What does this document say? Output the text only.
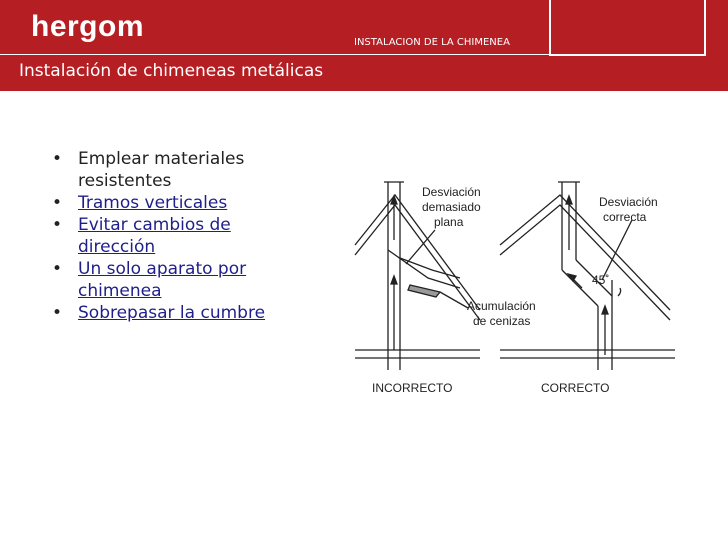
hergom	INSTALACION DE LA CHIMENEA
Instalación de chimeneas metálicas
• Emplear materiales resistentes
• Tramos verticales
• Evitar cambios de dirección
• Un solo aparato por chimenea
• Sobrepasar la cumbre
Desviación
demasiado
plana
Desviación
correcta
Acumulación
de cenizas
45˚
INCORRECTO	CORRECTO
